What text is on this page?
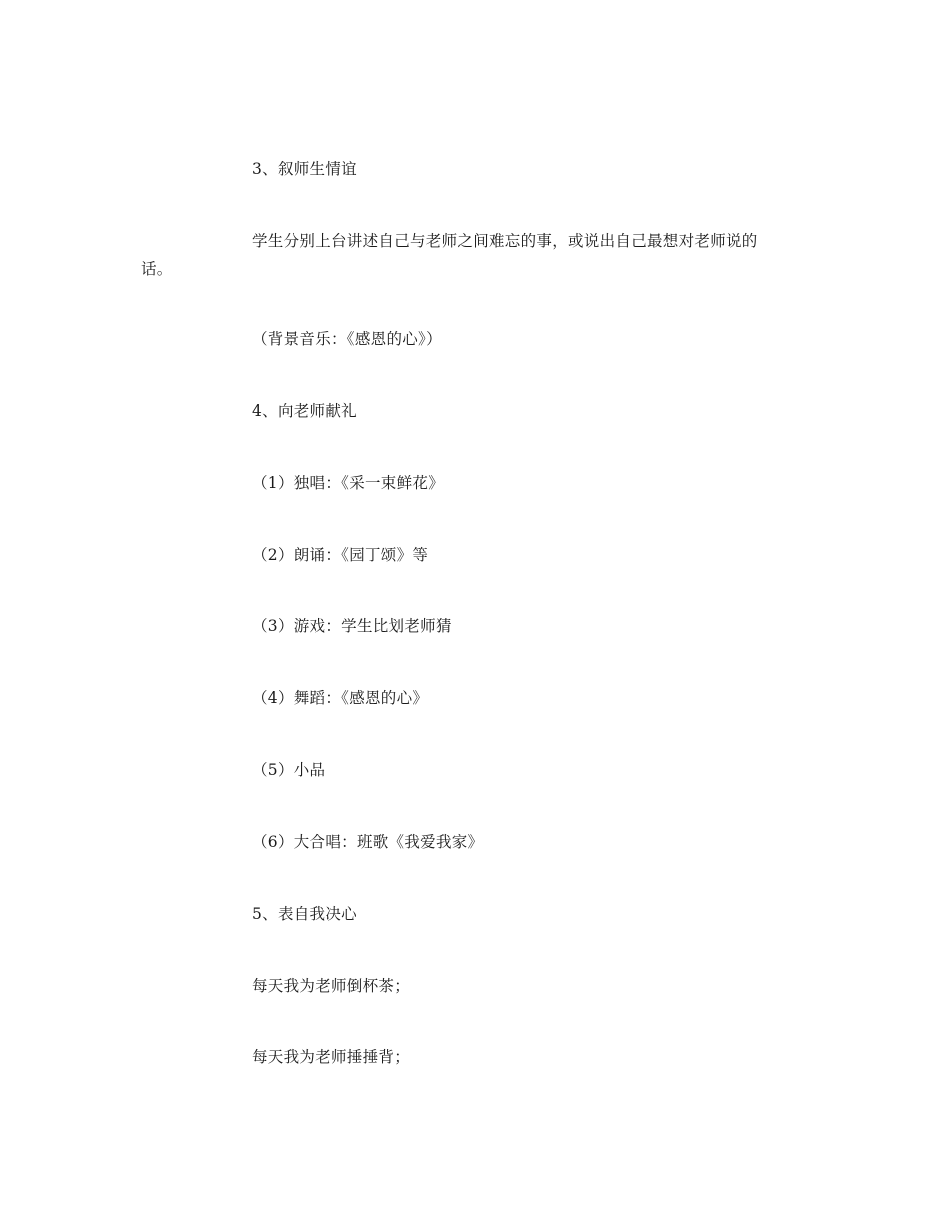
3、叙师生情谊
学生分别上台讲述自己与老师之间难忘的事，或说出自己最想对老师说的
话。
（背景音乐：《感恩的心》）
4、向老师献礼
（1）独唱：《采一束鲜花》
（2）朗诵：《园丁颂》等
（3）游戏：学生比划老师猜
（4）舞蹈：《感恩的心》
（5）小品
（6）大合唱：班歌《我爱我家》
5、表自我决心
每天我为老师倒杯茶；
每天我为老师捶捶背；
